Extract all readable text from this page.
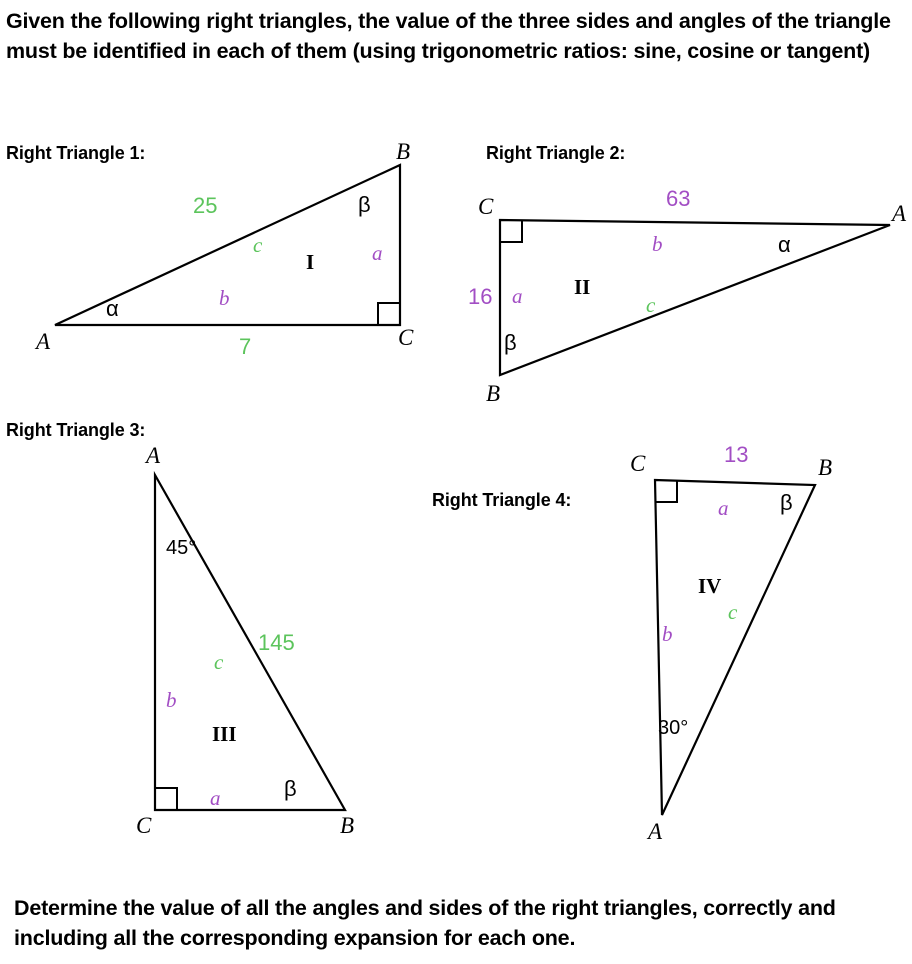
Given the following right triangles, the value of the three sides and angles of the triangle must be identified in each of them (using trigonometric ratios: sine, cosine or tangent)
Right Triangle 1:
A	C
B
25
c
I	a
b
α
β
7
Right Triangle 2:
C	A
B
63
b	α
16 a II
c
β
Right Triangle 3:
A
C	B
45°
145
c
b
III
a	β
Right Triangle 4:
C	B
A
13
a β
IV
c
b
30°
Determine the value of all the angles and sides of the right triangles, correctly and including all the corresponding expansion for each one.
